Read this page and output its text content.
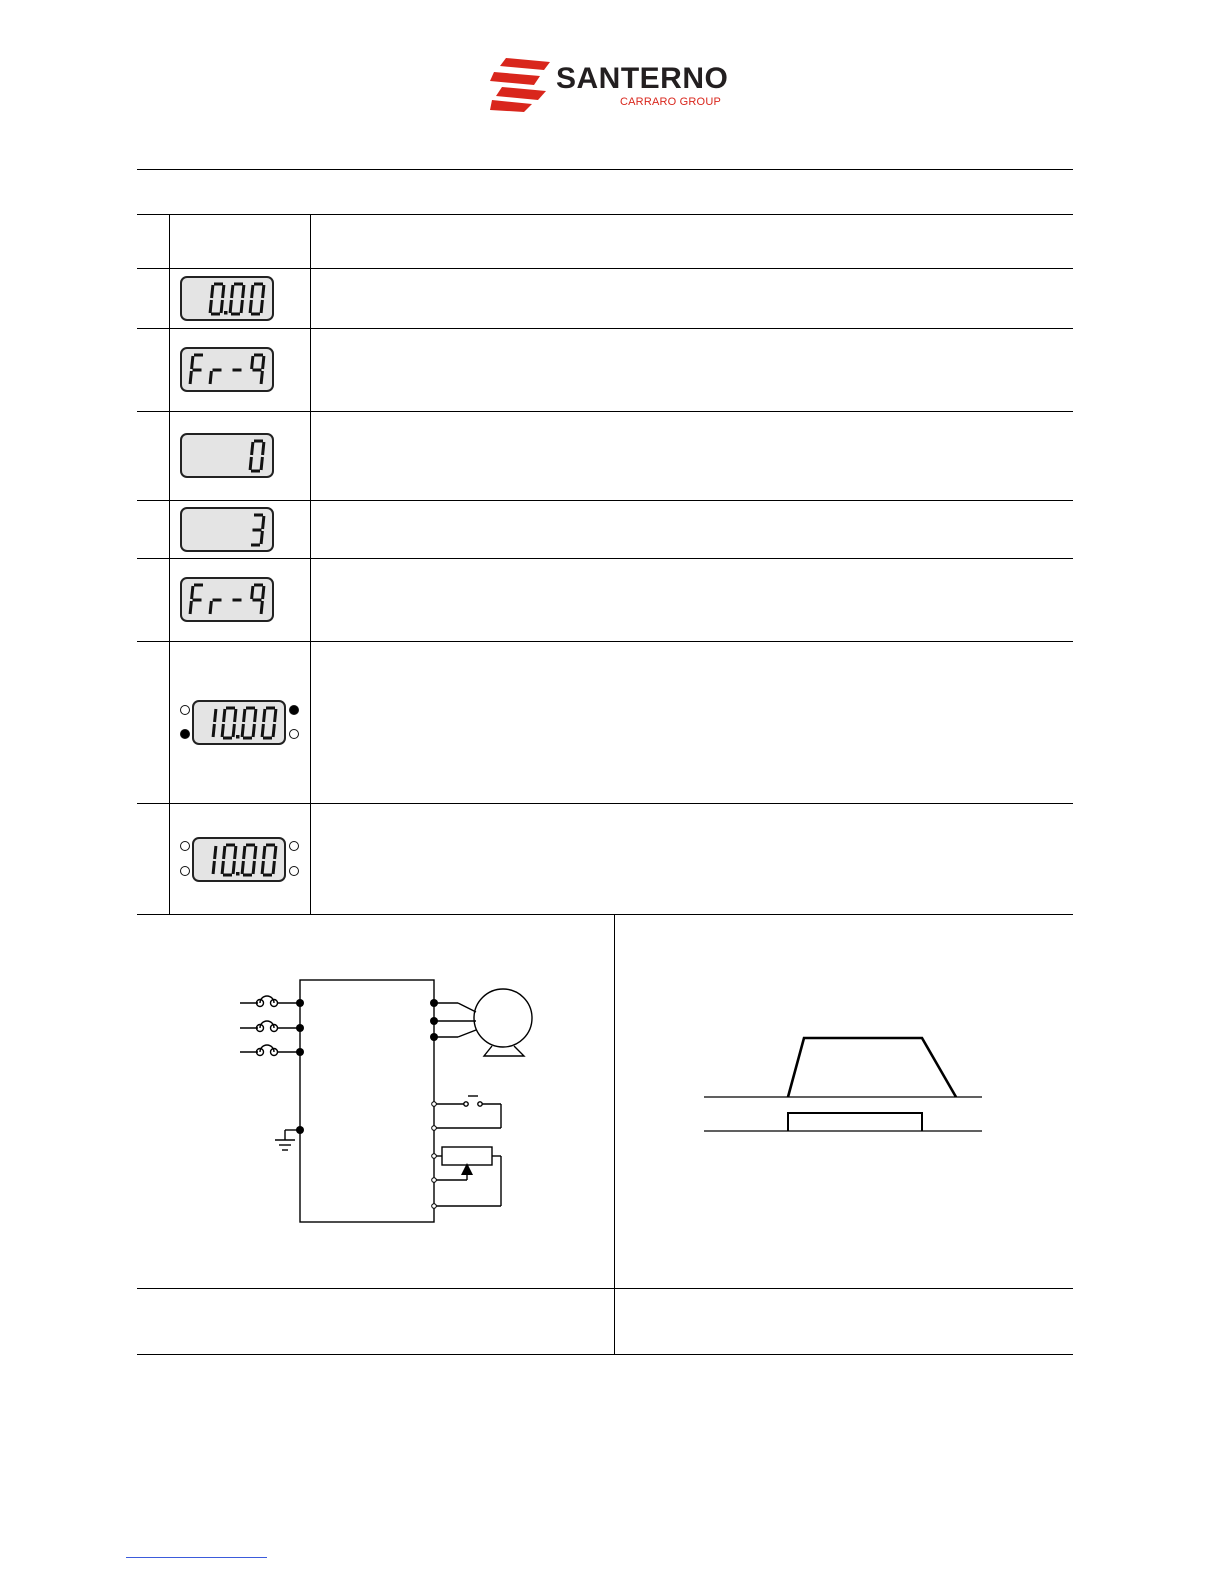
SANTERNO
CARRARO GROUP
